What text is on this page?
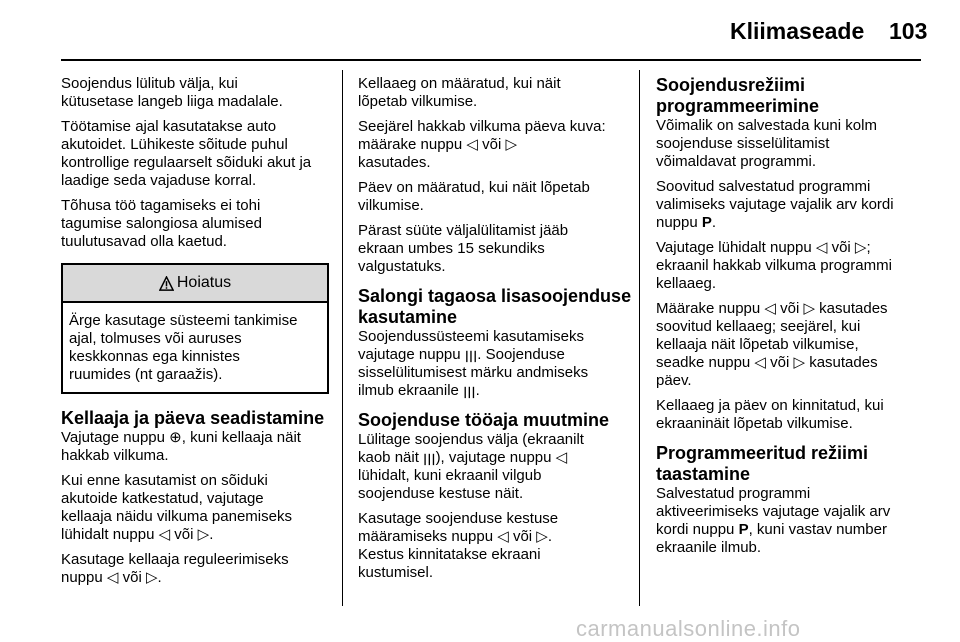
Kliimaseade 103

Soojendus lülitub välja, kui
kütusetase langeb liiga madalale.

Töötamise ajal kasutatakse auto
akutoidet. Lühikeste sõitude puhul
kontrollige regulaarselt sõiduki akut ja
laadige seda vajaduse korral.

Tõhusa töö tagamiseks ei tohi
tagumise salongiosa alumised
tuulutusavad olla kaetud.

Hoiatus

Ärge kasutage süsteemi tankimise
ajal, tolmuses või auruses
keskkonnas ega kinnistes
ruumides (nt garaažis).

Kellaaja ja päeva seadistamine

Vajutage nuppu ⊕, kuni kellaaja näit
hakkab vilkuma.

Kui enne kasutamist on sõiduki
akutoide katkestatud, vajutage
kellaaja näidu vilkuma panemiseks
lühidalt nuppu ◁ või ▷.

Kasutage kellaaja reguleerimiseks
nuppu ◁ või ▷.

Kellaaeg on määratud, kui näit
lõpetab vilkumise.

Seejärel hakkab vilkuma päeva kuva:
määrake nuppu ◁ või ▷
kasutades.

Päev on määratud, kui näit lõpetab
vilkumise.

Pärast süüte väljalülitamist jääb
ekraan umbes 15 sekundiks
valgustatuks.

Salongi tagaosa lisasoojenduse
kasutamine

Soojendussüsteemi kasutamiseks
vajutage nuppu ꞁꞁꞁ. Soojenduse
sisselülitumisest märku andmiseks
ilmub ekraanile ꞁꞁꞁ.

Soojenduse tööaja muutmine

Lülitage soojendus välja (ekraanilt
kaob näit ꞁꞁꞁ), vajutage nuppu ◁
lühidalt, kuni ekraanil vilgub
soojenduse kestuse näit.

Kasutage soojenduse kestuse
määramiseks nuppu ◁ või ▷.
Kestus kinnitatakse ekraani
kustumisel.

Soojendusrežiimi
programmeerimine

Võimalik on salvestada kuni kolm
soojenduse sisselülitamist
võimaldavat programmi.

Soovitud salvestatud programmi
valimiseks vajutage vajalik arv kordi
nuppu P.

Vajutage lühidalt nuppu ◁ või ▷;
ekraanil hakkab vilkuma programmi
kellaaeg.

Määrake nuppu ◁ või ▷ kasutades
soovitud kellaaeg; seejärel, kui
kellaaja näit lõpetab vilkumise,
seadke nuppu ◁ või ▷ kasutades
päev.

Kellaaeg ja päev on kinnitatud, kui
ekraaninäit lõpetab vilkumise.

Programmeeritud režiimi
taastamine

Salvestatud programmi
aktiveerimiseks vajutage vajalik arv
kordi nuppu P, kuni vastav number
ekraanile ilmub.

carmanualsonline.info
